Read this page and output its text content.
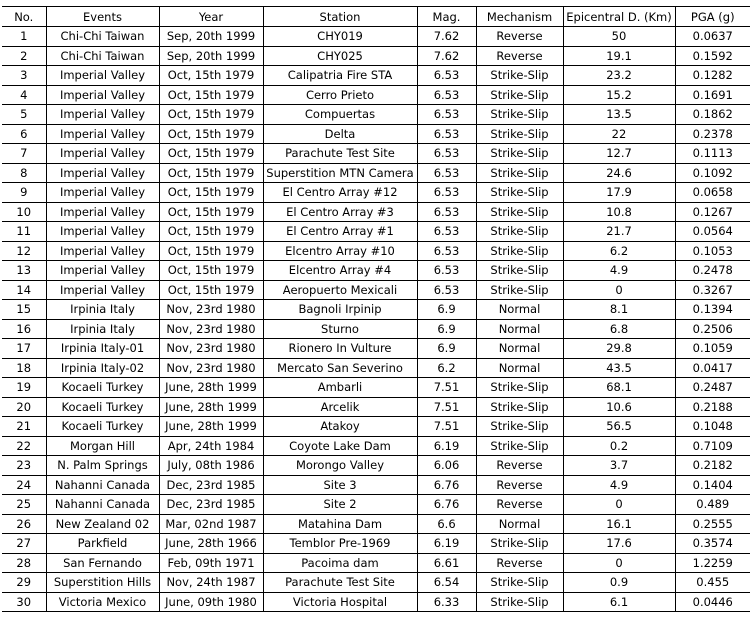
No.	Events	Year	Station	Mag.	Mechanism	Epicentral D. (Km)	PGA (g)
1	Chi-Chi Taiwan	Sep, 20th 1999	CHY019	7.62	Reverse	50	0.0637
2	Chi-Chi Taiwan	Sep, 20th 1999	CHY025	7.62	Reverse	19.1	0.1592
3	Imperial Valley	Oct, 15th 1979	Calipatria Fire STA	6.53	Strike-Slip	23.2	0.1282
4	Imperial Valley	Oct, 15th 1979	Cerro Prieto	6.53	Strike-Slip	15.2	0.1691
5	Imperial Valley	Oct, 15th 1979	Compuertas	6.53	Strike-Slip	13.5	0.1862
6	Imperial Valley	Oct, 15th 1979	Delta	6.53	Strike-Slip	22	0.2378
7	Imperial Valley	Oct, 15th 1979	Parachute Test Site	6.53	Strike-Slip	12.7	0.1113
8	Imperial Valley	Oct, 15th 1979	Superstition MTN Camera	6.53	Strike-Slip	24.6	0.1092
9	Imperial Valley	Oct, 15th 1979	El Centro Array #12	6.53	Strike-Slip	17.9	0.0658
10	Imperial Valley	Oct, 15th 1979	El Centro Array #3	6.53	Strike-Slip	10.8	0.1267
11	Imperial Valley	Oct, 15th 1979	El Centro Array #1	6.53	Strike-Slip	21.7	0.0564
12	Imperial Valley	Oct, 15th 1979	Elcentro Array #10	6.53	Strike-Slip	6.2	0.1053
13	Imperial Valley	Oct, 15th 1979	Elcentro Array #4	6.53	Strike-Slip	4.9	0.2478
14	Imperial Valley	Oct, 15th 1979	Aeropuerto Mexicali	6.53	Strike-Slip	0	0.3267
15	Irpinia Italy	Nov, 23rd 1980	Bagnoli Irpinip	6.9	Normal	8.1	0.1394
16	Irpinia Italy	Nov, 23rd 1980	Sturno	6.9	Normal	6.8	0.2506
17	Irpinia Italy-01	Nov, 23rd 1980	Rionero In Vulture	6.9	Normal	29.8	0.1059
18	Irpinia Italy-02	Nov, 23rd 1980	Mercato San Severino	6.2	Normal	43.5	0.0417
19	Kocaeli Turkey	June, 28th 1999	Ambarli	7.51	Strike-Slip	68.1	0.2487
20	Kocaeli Turkey	June, 28th 1999	Arcelik	7.51	Strike-Slip	10.6	0.2188
21	Kocaeli Turkey	June, 28th 1999	Atakoy	7.51	Strike-Slip	56.5	0.1048
22	Morgan Hill	Apr, 24th 1984	Coyote Lake Dam	6.19	Strike-Slip	0.2	0.7109
23	N. Palm Springs	July, 08th 1986	Morongo Valley	6.06	Reverse	3.7	0.2182
24	Nahanni Canada	Dec, 23rd 1985	Site 3	6.76	Reverse	4.9	0.1404
25	Nahanni Canada	Dec, 23rd 1985	Site 2	6.76	Reverse	0	0.489
26	New Zealand 02	Mar, 02nd 1987	Matahina Dam	6.6	Normal	16.1	0.2555
27	Parkfield	June, 28th 1966	Temblor Pre-1969	6.19	Strike-Slip	17.6	0.3574
28	San Fernando	Feb, 09th 1971	Pacoima dam	6.61	Reverse	0	1.2259
29	Superstition Hills	Nov, 24th 1987	Parachute Test Site	6.54	Strike-Slip	0.9	0.455
30	Victoria Mexico	June, 09th 1980	Victoria Hospital	6.33	Strike-Slip	6.1	0.0446
